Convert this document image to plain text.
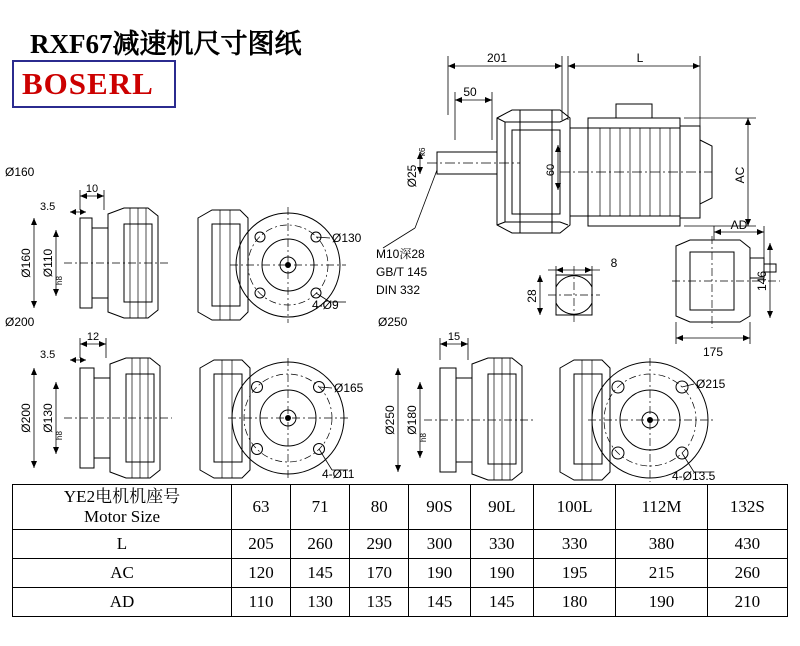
RXF67减速机尺寸图纸
BOSERL
201	L
50
Ø25
k6
60	AC
M10深28
GB/T 145
DIN 332
8
28
AD
146
175
Ø160
10
3.5
Ø160 Ø110
h8
Ø130
4-Ø9
Ø200
12
3.5
Ø200 Ø130
h8
Ø165
4-Ø11
Ø250
15
Ø250 Ø180
h8
Ø215
4-Ø13.5
YE2电机机座号
Motor Size	63	71	80	90S	90L	100L	112M	132S
L	205	260	290	300	330	330	380	430
AC	120	145	170	190	190	195	215	260
AD	110	130	135	145	145	180	190	210
